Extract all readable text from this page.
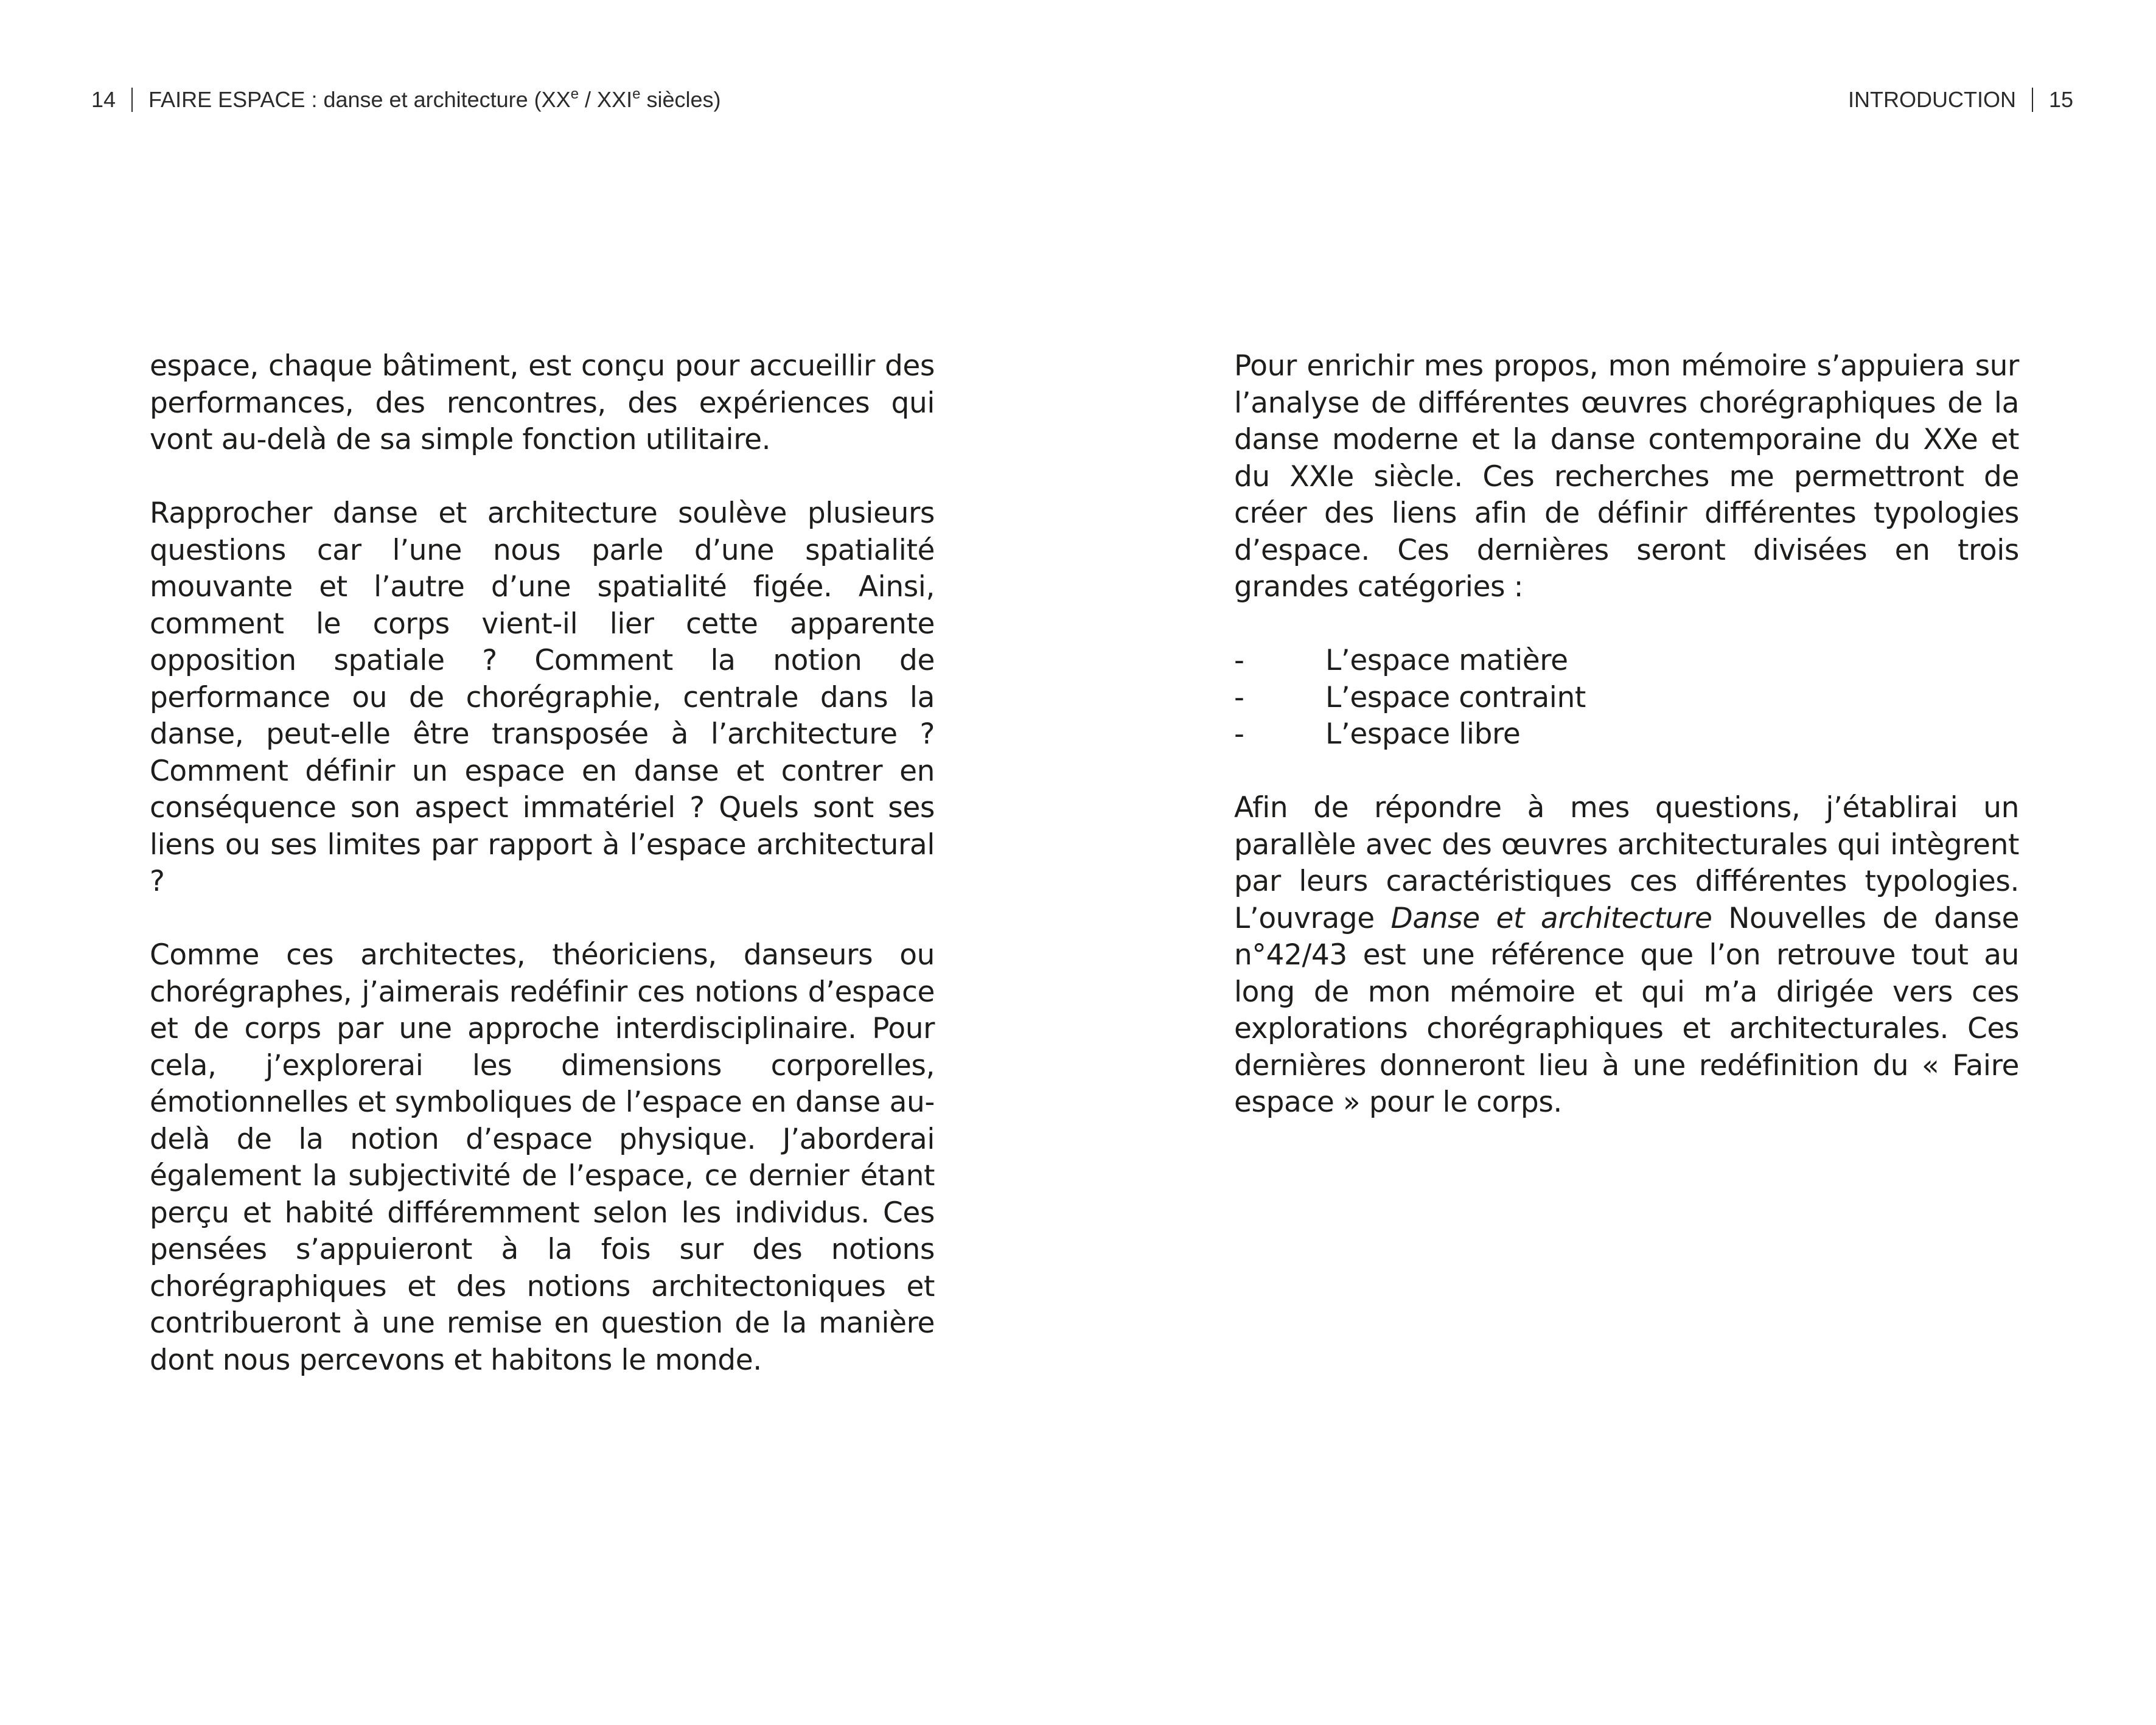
14 FAIRE ESPACE : danse et architecture (XXe / XXIe siècles)	INTRODUCTION 15

espace, chaque bâtiment, est conçu pour accueillir des performances, des rencontres, des expériences qui vont au-delà de sa simple fonction utilitaire.

Rapprocher danse et architecture soulève plusieurs questions car l’une nous parle d’une spatialité mouvante et l’autre d’une spatialité figée. Ainsi, comment le corps vient-il lier cette apparente opposition spatiale ? Comment la notion de performance ou de chorégraphie, centrale dans la danse, peut-elle être transposée à l’architecture ? Comment définir un espace en danse et contrer en conséquence son aspect immatériel ? Quels sont ses liens ou ses limites par rapport à l’espace architectural ?

Comme ces architectes, théoriciens, danseurs ou chorégraphes, j’aimerais redéfinir ces notions d’espace et de corps par une approche interdisciplinaire. Pour cela, j’explorerai les dimensions corporelles, émotionnelles et symboliques de l’espace en danse au-delà de la notion d’espace physique. J’aborderai également la subjectivité de l’espace, ce dernier étant perçu et habité différemment selon les individus. Ces pensées s’appuieront à la fois sur des notions chorégraphiques et des notions architectoniques et contribueront à une remise en question de la manière dont nous percevons et habitons le monde.

Pour enrichir mes propos, mon mémoire s’appuiera sur l’analyse de différentes œuvres chorégraphiques de la danse moderne et la danse contemporaine du XXe et du XXIe siècle. Ces recherches me permettront de créer des liens afin de définir différentes typologies d’espace. Ces dernières seront divisées en trois grandes catégories :

-	L’espace matière
-	L’espace contraint
-	L’espace libre

Afin de répondre à mes questions, j’établirai un parallèle avec des œuvres architecturales qui intègrent par leurs caractéristiques ces différentes typologies. L’ouvrage Danse et architecture Nouvelles de danse n°42/43 est une référence que l’on retrouve tout au long de mon mémoire et qui m’a dirigée vers ces explorations chorégraphiques et architecturales. Ces dernières donneront lieu à une redéfinition du « Faire espace » pour le corps.
